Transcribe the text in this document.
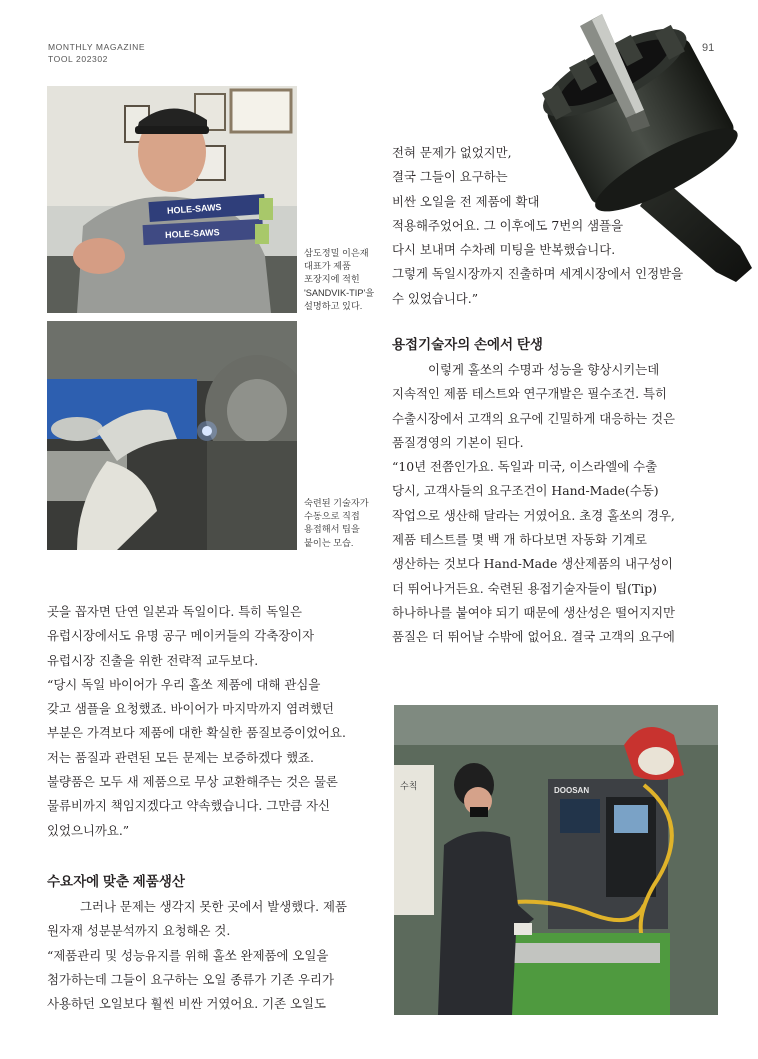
MONTHLY MAGAZINE
TOOL 202302
91
HOLE-SAWS
HOLE-SAWS
삼도정밀 이은재
대표가 제품
포장지에 적힌
'SANDVIK-TIP'을
설명하고 있다.
숙련된 기술자가
수동으로 직접
용접해서 팁을
붙이는 모습.

전혀 문제가 없었지만,

결국 그들이 요구하는

비싼 오일을 전 제품에 확대

적용해주었어요. 그 이후에도 7번의 샘플을

다시 보내며 수차례 미팅을 반복했습니다.

그렇게 독일시장까지 진출하며 세계시장에서 인정받을

수 있었습니다.”

용접기술자의 손에서 탄생

이렇게 홀쏘의 수명과 성능을 향상시키는데

지속적인 제품 테스트와 연구개발은 필수조건. 특히

수출시장에서 고객의 요구에 긴밀하게 대응하는 것은

품질경영의 기본이 된다.

“10년 전쯤인가요. 독일과 미국, 이스라엘에 수출

당시, 고객사들의 요구조건이 Hand-Made(수동)

작업으로 생산해 달라는 거였어요. 초경 홀쏘의 경우,

제품 테스트를 몇 백 개 하다보면 자동화 기계로

생산하는 것보다 Hand-Made 생산제품의 내구성이

더 뛰어나거든요. 숙련된 용접기술자들이 팁(Tip)

하나하나를 붙여야 되기 때문에 생산성은 떨어지지만

품질은 더 뛰어날 수밖에 없어요. 결국 고객의 요구에

곳을 꼽자면 단연 일본과 독일이다. 특히 독일은

유럽시장에서도 유명 공구 메이커들의 각축장이자

유럽시장 진출을 위한 전략적 교두보다.

“당시 독일 바이어가 우리 홀쏘 제품에 대해 관심을

갖고 샘플을 요청했죠. 바이어가 마지막까지 염려했던

부분은 가격보다 제품에 대한 확실한 품질보증이었어요.

저는 품질과 관련된 모든 문제는 보증하겠다 했죠.

불량품은 모두 새 제품으로 무상 교환해주는 것은 물론

물류비까지 책임지겠다고 약속했습니다. 그만큼 자신

있었으니까요.”

수요자에 맞춘 제품생산

그러나 문제는 생각지 못한 곳에서 발생했다. 제품

원자재 성분분석까지 요청해온 것.

“제품관리 및 성능유지를 위해 홀쏘 완제품에 오일을

첨가하는데 그들이 요구하는 오일 종류가 기존 우리가

사용하던 오일보다 훨씬 비싼 거였어요. 기존 오일도

수칙	DOOSAN
